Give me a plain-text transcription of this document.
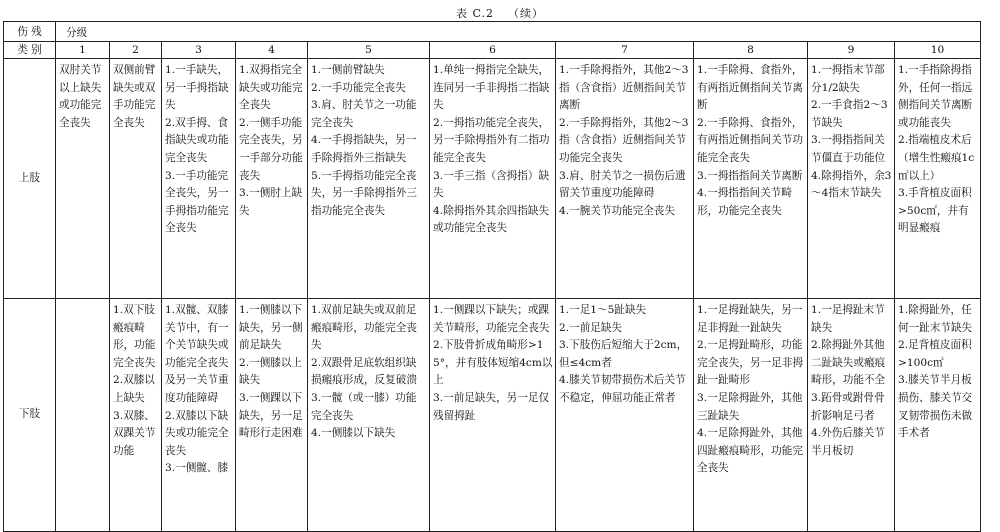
表 C.2 （续）
伤 残	分级									
类 别	1	2	3	4	5	6	7	8	9	10
上肢	双肘关节以上缺失或功能完全丧失	双侧前臂缺失或双手功能完全丧失	1.一手缺失，另一手拇指缺失
2.双手拇、食指缺失或功能完全丧失
3.一手功能完全丧失，另一手拇指功能完全丧失	1.双拇指完全缺失或功能完全丧失
2.一侧手功能完全丧失，另一手部分功能丧失
3.一侧肘上缺失	1.一侧前臂缺失
2.一手功能完全丧失
3.肩、肘关节之一功能完全丧失
4.一手拇指缺失，另一手除拇指外三指缺失
5.一手拇指功能完全丧失，另一手除拇指外三指功能完全丧失	1.单纯一拇指完全缺失，连同另一手非拇指二指缺失
2.一拇指功能完全丧失，另一手除拇指外有二指功能完全丧失
3.一手三指（含拇指）缺失
4.除拇指外其余四指缺失或功能完全丧失	1.一手除拇指外，其他2～3指（含食指）近侧指间关节离断
2.一手除拇指外，其他2～3指（含食指）近侧指间关节功能完全丧失
3.肩、肘关节之一损伤后遗留关节重度功能障碍
4.一腕关节功能完全丧失	1.一手除拇、食指外，有两指近侧指间关节离断
2.一手除拇、食指外，有两指近侧指间关节功能完全丧失
3.一拇指指间关节离断
4.一拇指指间关节畸形，功能完全丧失	1.一拇指末节部分1/2缺失
2.一手食指2～3节缺失
3.一拇指指间关节僵直于功能位
4.除拇指外，余3～4指末节缺失	1.一手指除拇指外，任何一指远侧指间关节离断或功能丧失
2.指端植皮术后（增生性瘢痕1c㎡以上）
3.手背植皮面积>50c㎡，并有明显瘢痕
下肢		1.双下肢瘢痕畸形，功能完全丧失
2.双膝以上缺失
3.双膝、双踝关节功能	1.双髋、双膝关节中，有一个关节缺失或功能完全丧失及另一关节重度功能障碍
2.双膝以下缺失或功能完全丧失
3.一侧髋、膝	1.一侧膝以下缺失，另一侧前足缺失
2.一侧膝以上缺失
3.一侧踝以下缺失，另一足畸形行走困难	1.双前足缺失或双前足瘢痕畸形，功能完全丧失
2.双跟骨足底软组织缺损瘢痕形成，反复破溃
3.一髋（或一膝）功能完全丧失
4.一侧膝以下缺失	1.一侧踝以下缺失；或踝关节畸形，功能完全丧失
2.下肢骨折成角畸形>15°，并有肢体短缩4cm以上
3.一前足缺失，另一足仅残留拇趾	1.一足1～5趾缺失
2.一前足缺失
3.下肢伤后短缩大于2cm，但≤4cm者
4.膝关节韧带损伤术后关节不稳定，伸屈功能正常者	1.一足拇趾缺失，另一足非拇趾一趾缺失
2.一足拇趾畸形，功能完全丧失，另一足非拇趾一趾畸形
3.一足除拇趾外，其他三趾缺失
4.一足除拇趾外，其他四趾瘢痕畸形，功能完全丧失	1.一足拇趾末节缺失
2.除拇趾外其他二趾缺失或瘢痕畸形，功能不全
3.跖骨或跗骨骨折影响足弓者
4.外伤后膝关节半月板切	1.除拇趾外，任何一趾末节缺失
2.足背植皮面积>100c㎡
3.膝关节半月板损伤、膝关节交叉韧带损伤未做手术者
